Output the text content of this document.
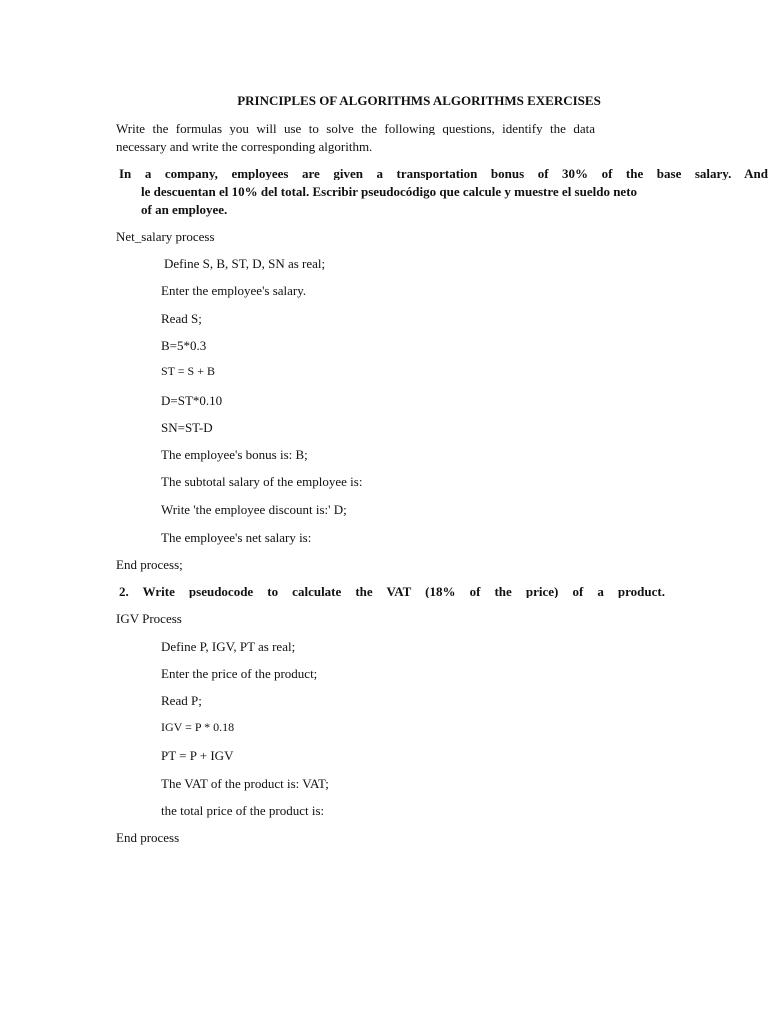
PRINCIPLES OF ALGORITHMS ALGORITHMS EXERCISES
Write the formulas you will use to solve the following questions, identify the data
necessary and write the corresponding algorithm.
In a company, employees are given a transportation bonus of 30% of the base salary. And
le descuentan el 10% del total. Escribir pseudocódigo que calcule y muestre el sueldo neto
of an employee.
Net_salary process
Define S, B, ST, D, SN as real;
Enter the employee's salary.
Read S;
B=5*0.3
ST = S + B
D=ST*0.10
SN=ST-D
The employee's bonus is: B;
The subtotal salary of the employee is:
Write 'the employee discount is:' D;
The employee's net salary is:
End process;
2. Write pseudocode to calculate the VAT (18% of the price) of a product.
IGV Process
Define P, IGV, PT as real;
Enter the price of the product;
Read P;
IGV = P * 0.18
PT = P + IGV
The VAT of the product is: VAT;
the total price of the product is:
End process
